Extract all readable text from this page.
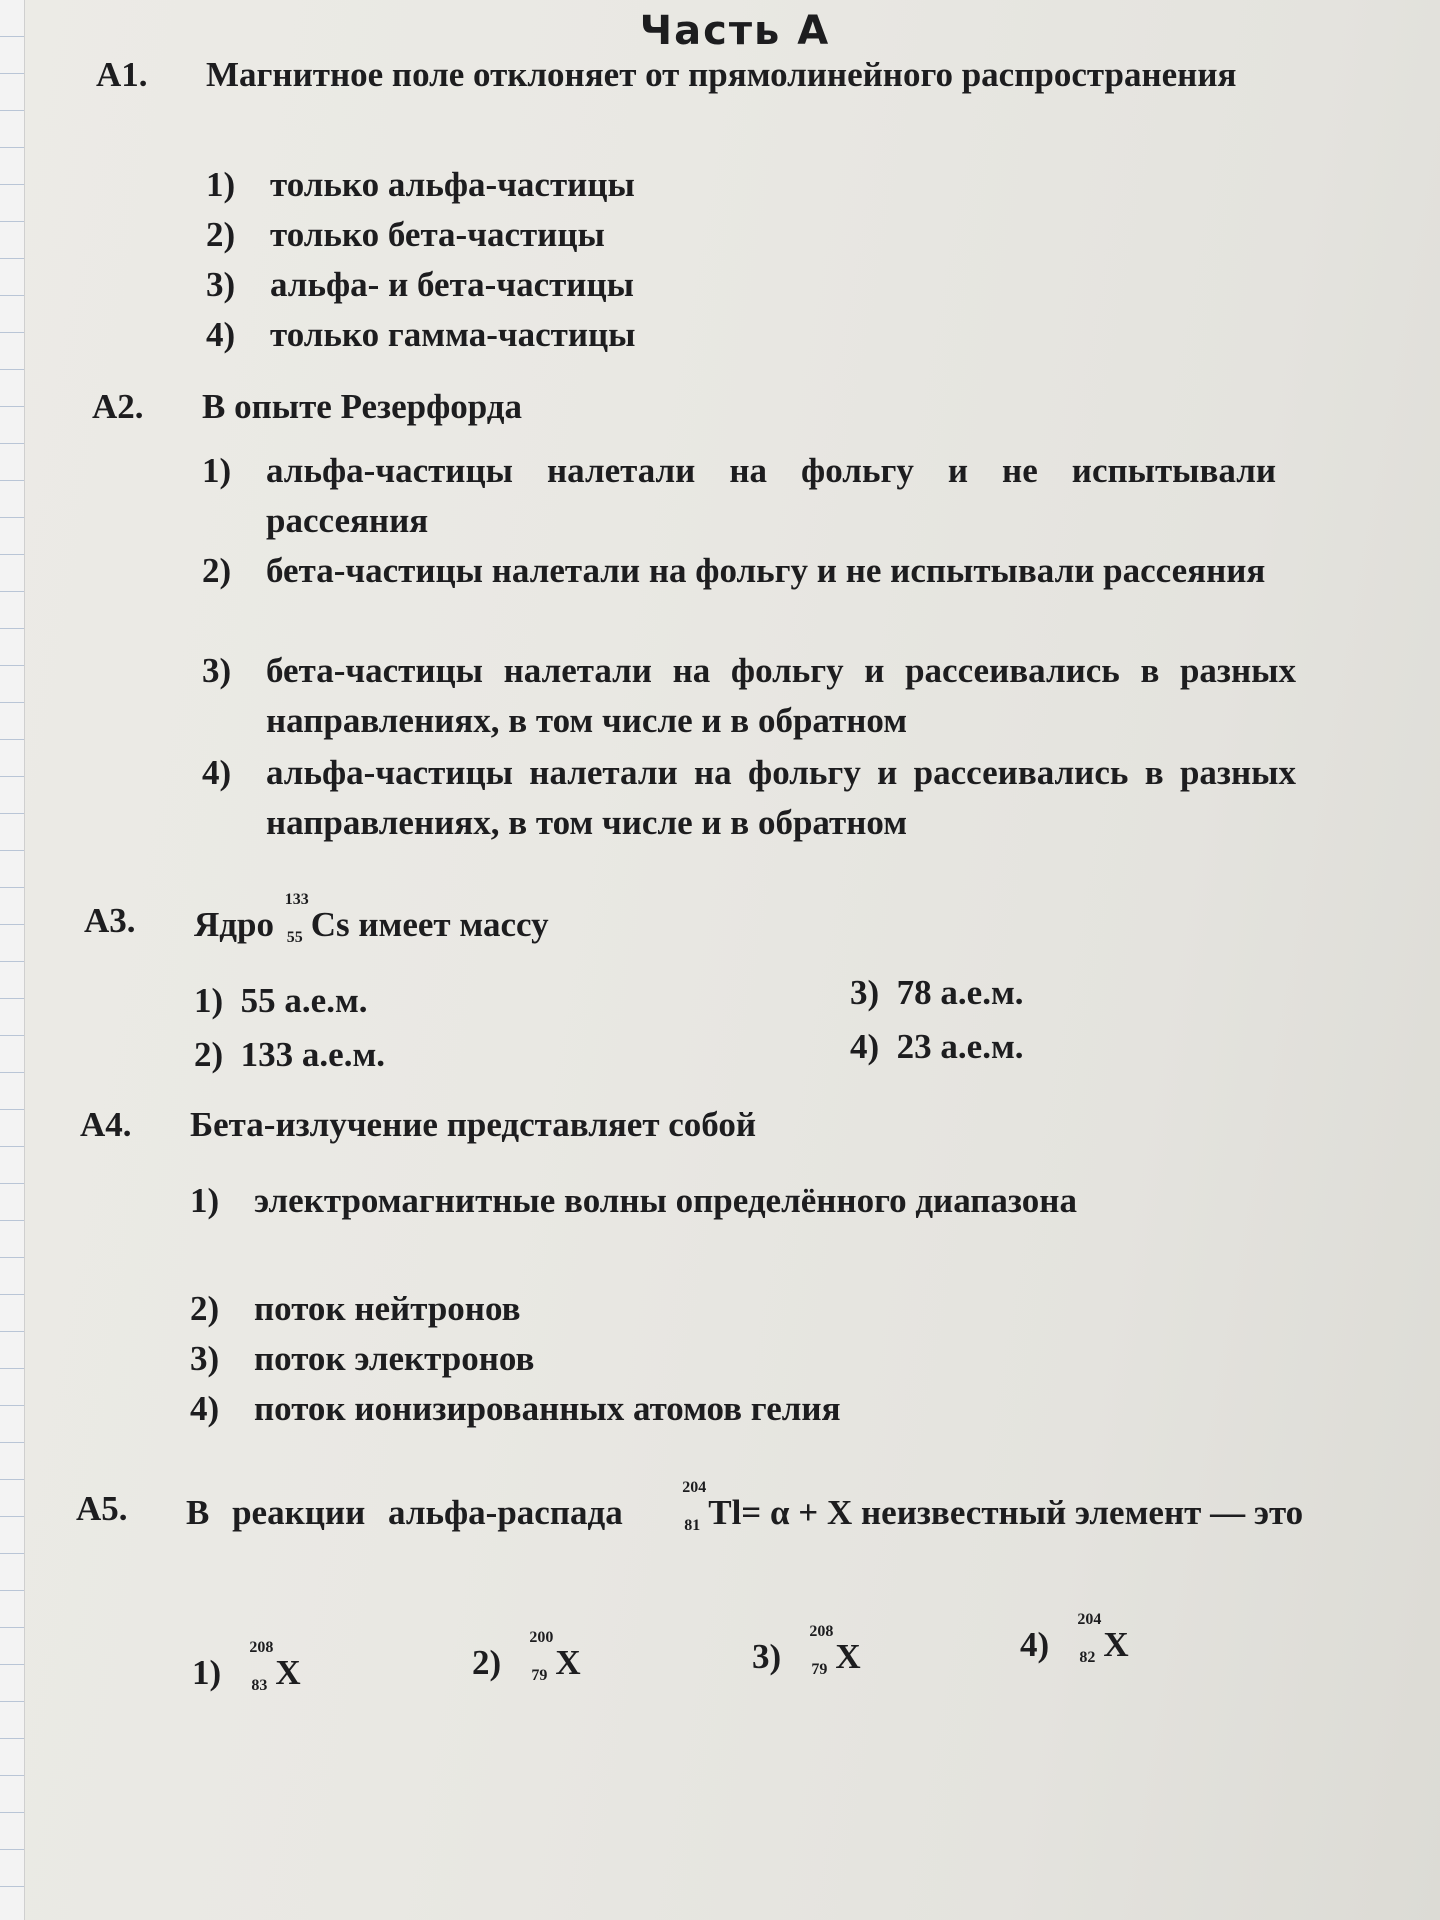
Часть А
А1. Магнитное поле отклоняет от прямолинейного распространения
1) только альфа-частицы
2) только бета-частицы
3) альфа- и бета-частицы
4) только гамма-частицы
А2. В опыте Резерфорда
1) альфа-частицы налетали на фольгу и не испытывали рассеяния
2) бета-частицы налетали на фольгу и не испытывали рассеяния
3) бета-частицы налетали на фольгу и рассеивались в разных направлениях, в том числе и в обратном
4) альфа-частицы налетали на фольгу и рассеивались в разных направлениях, в том числе и в обратном
А3. Ядро
133
55 Cs имеет массу
1) 55 а.е.м.
2) 133 а.е.м.
3) 78 а.е.м.
4) 23 а.е.м.
А4. Бета-излучение представляет собой
1) электромагнитные волны определённого диапазона
2) поток нейтронов
3) поток электронов
4) поток ионизированных атомов гелия
А5. В реакции альфа-распада
204
81 Tl= α + X неизвестный элемент — это
1)
208
83 X	2)
200
79 X	3)
208
79 X	4)
204
82 X
